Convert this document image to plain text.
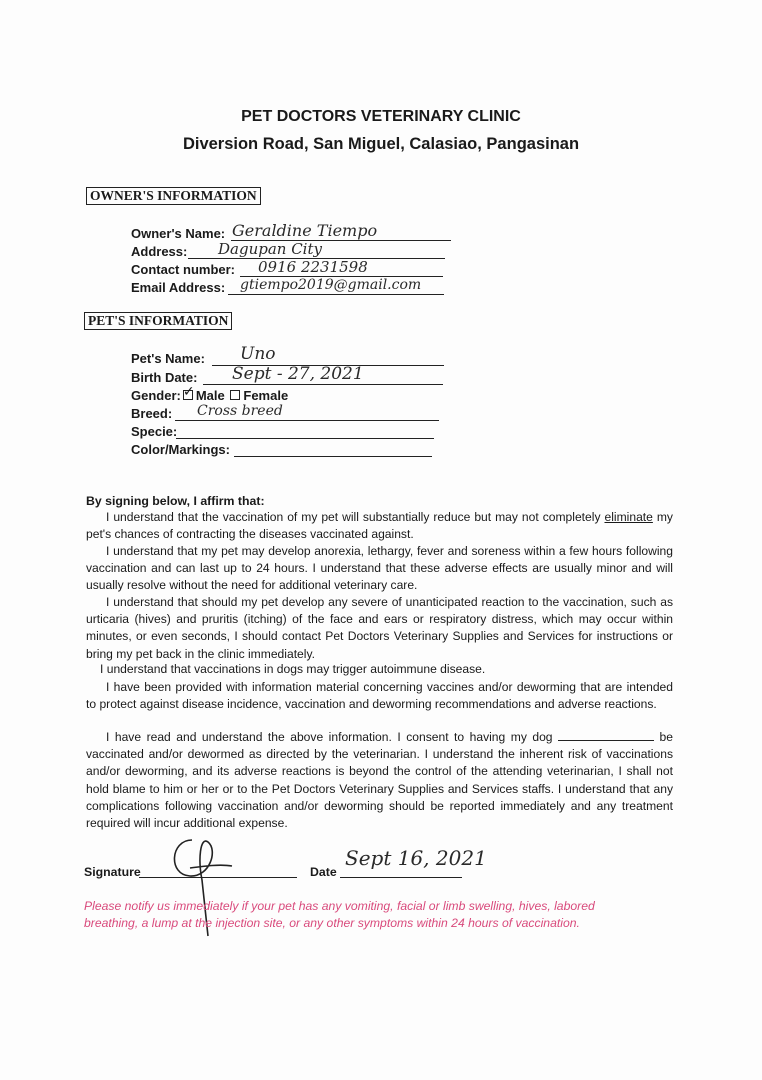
PET DOCTORS VETERINARY CLINIC
Diversion Road, San Miguel, Calasiao, Pangasinan
OWNER'S INFORMATION
Owner's Name: Geraldine Tiempo
Address: Dagupan City
Contact number: 0916 2231598
Email Address: gtiempo2019@gmail.com
PET'S INFORMATION
Pet's Name: Uno
Birth Date: Sept - 27, 2021
Gender: ✓ Male Female
Breed: Cross breed
Specie:
Color/Markings:
By signing below, I affirm that:
I understand that the vaccination of my pet will substantially reduce but may not completely eliminate my pet's chances of contracting the diseases vaccinated against.
I understand that my pet may develop anorexia, lethargy, fever and soreness within a few hours following vaccination and can last up to 24 hours. I understand that these adverse effects are usually minor and will usually resolve without the need for additional veterinary care.
I understand that should my pet develop any severe of unanticipated reaction to the vaccination, such as urticaria (hives) and pruritis (itching) of the face and ears or respiratory distress, which may occur within minutes, or even seconds, I should contact Pet Doctors Veterinary Supplies and Services for instructions or bring my pet back in the clinic immediately.
I understand that vaccinations in dogs may trigger autoimmune disease.
I have been provided with information material concerning vaccines and/or deworming that are intended to protect against disease incidence, vaccination and deworming recommendations and adverse reactions.
I have read and understand the above information. I consent to having my dog	be vaccinated and/or dewormed as directed by the veterinarian. I understand the inherent risk of vaccinations and/or deworming, and its adverse reactions is beyond the control of the attending veterinarian, I shall not hold blame to him or her or to the Pet Doctors Veterinary Supplies and Services staffs. I understand that any complications following vaccination and/or deworming should be reported immediately and any treatment required will incur additional expense.
Signature	Date
Sept 16, 2021
Please notify us immediately if your pet has any vomiting, facial or limb swelling, hives, labored breathing, a lump at the injection site, or any other symptoms within 24 hours of vaccination.
